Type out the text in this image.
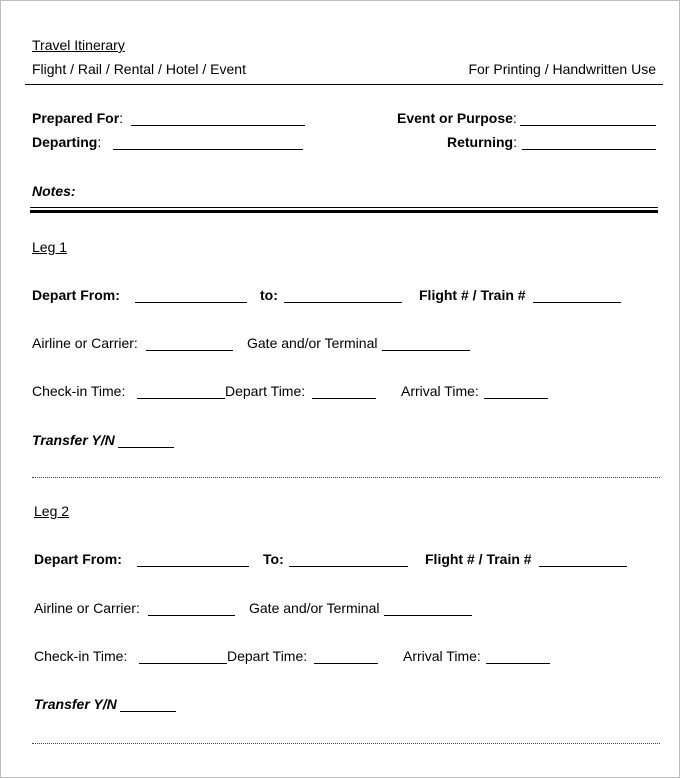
Travel Itinerary
Flight / Rail / Rental / Hotel / Event	For Printing / Handwritten Use
Prepared For:	Event or Purpose:
Departing:	Returning:
Notes:
Leg 1
Depart From:	to:	Flight # / Train #
Airline or Carrier:	Gate and/or Terminal
Check-in Time:	Depart Time:	Arrival Time:
Transfer Y/N
Leg 2
Depart From:	To:	Flight # / Train #
Airline or Carrier:	Gate and/or Terminal
Check-in Time:	Depart Time:	Arrival Time:
Transfer Y/N
